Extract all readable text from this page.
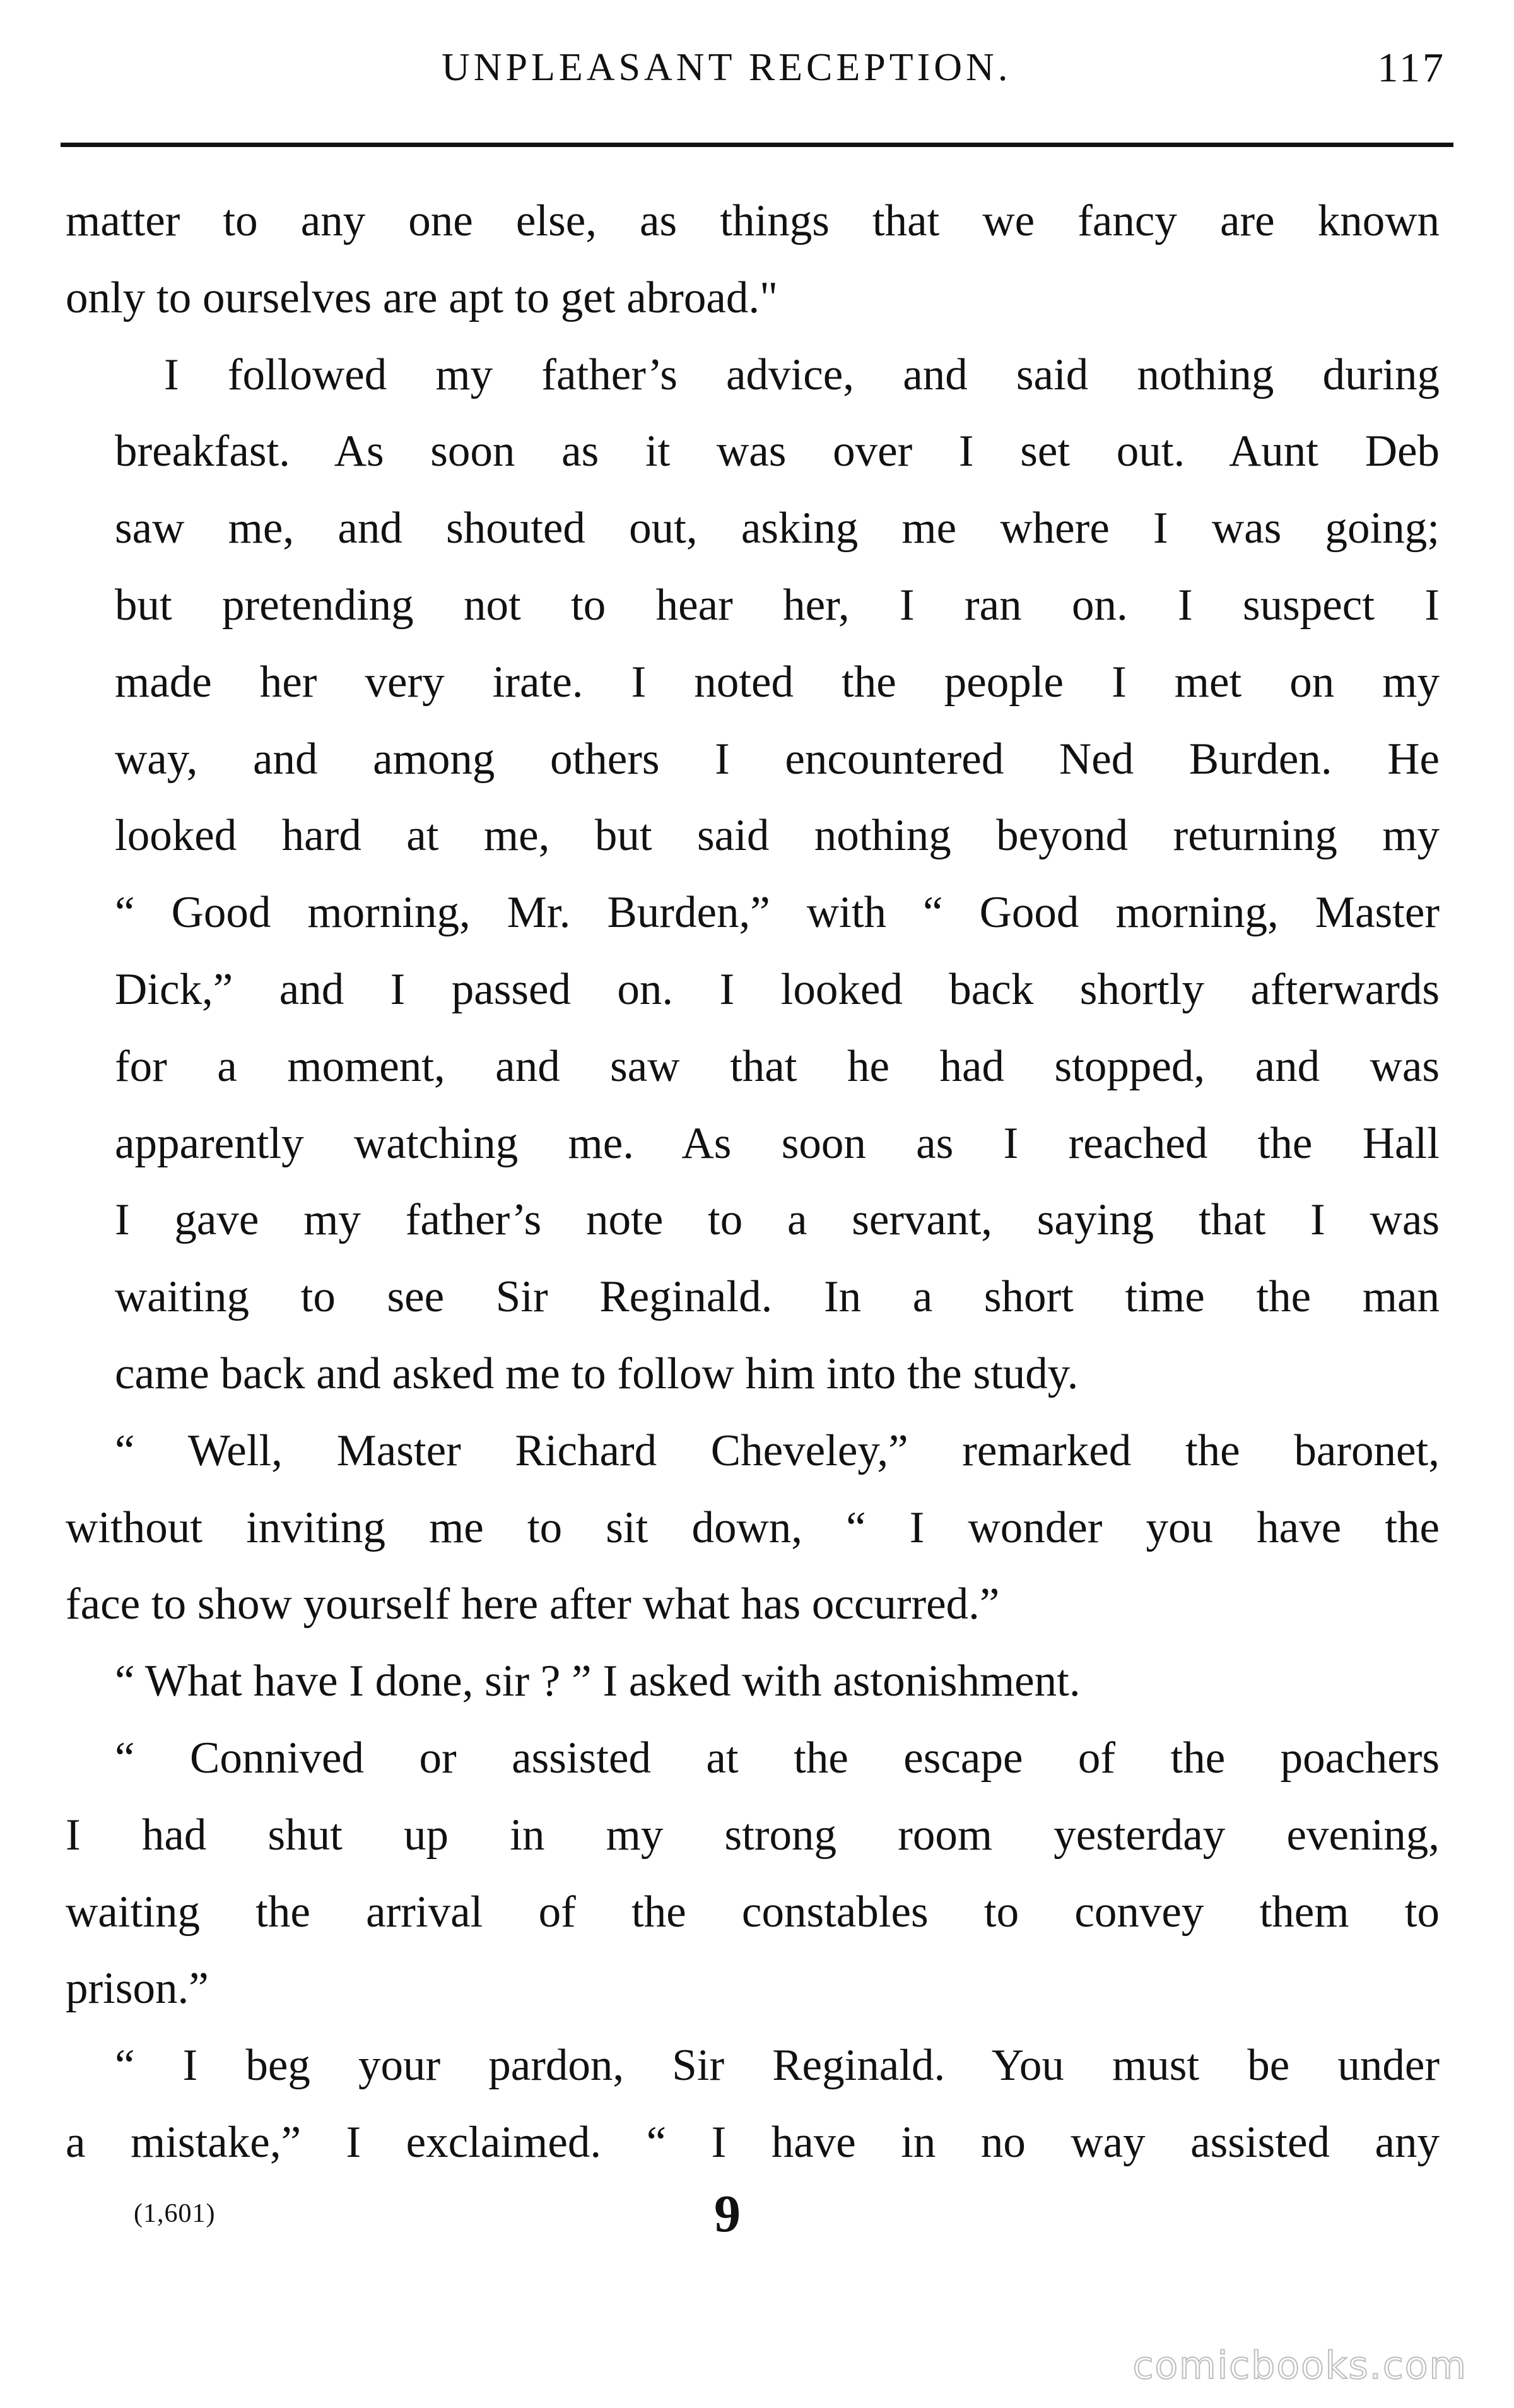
UNPLEASANT RECEPTION.	117

matter to any one else, as things that we fancy are known
only to ourselves are apt to get abroad."

I followed my father’s advice, and said nothing during
breakfast. As soon as it was over I set out. Aunt Deb
saw me, and shouted out, asking me where I was going;
but pretending not to hear her, I ran on. I suspect I
made her very irate. I noted the people I met on my
way, and among others I encountered Ned Burden. He
looked hard at me, but said nothing beyond returning my
“ Good morning, Mr. Burden,” with “ Good morning, Master
Dick,” and I passed on. I looked back shortly afterwards
for a moment, and saw that he had stopped, and was
apparently watching me. As soon as I reached the Hall
I gave my father’s note to a servant, saying that I was
waiting to see Sir Reginald. In a short time the man
came back and asked me to follow him into the study.

“ Well, Master Richard Cheveley,” remarked the baronet,
without inviting me to sit down, “ I wonder you have the
face to show yourself here after what has occurred.”

“ What have I done, sir ? ” I asked with astonishment.

“ Connived or assisted at the escape of the poachers
I had shut up in my strong room yesterday evening,
waiting the arrival of the constables to convey them to
prison.”

“ I beg your pardon, Sir Reginald. You must be under
a mistake,” I exclaimed. “ I have in no way assisted any

(1,601)	9
comicbooks.com
